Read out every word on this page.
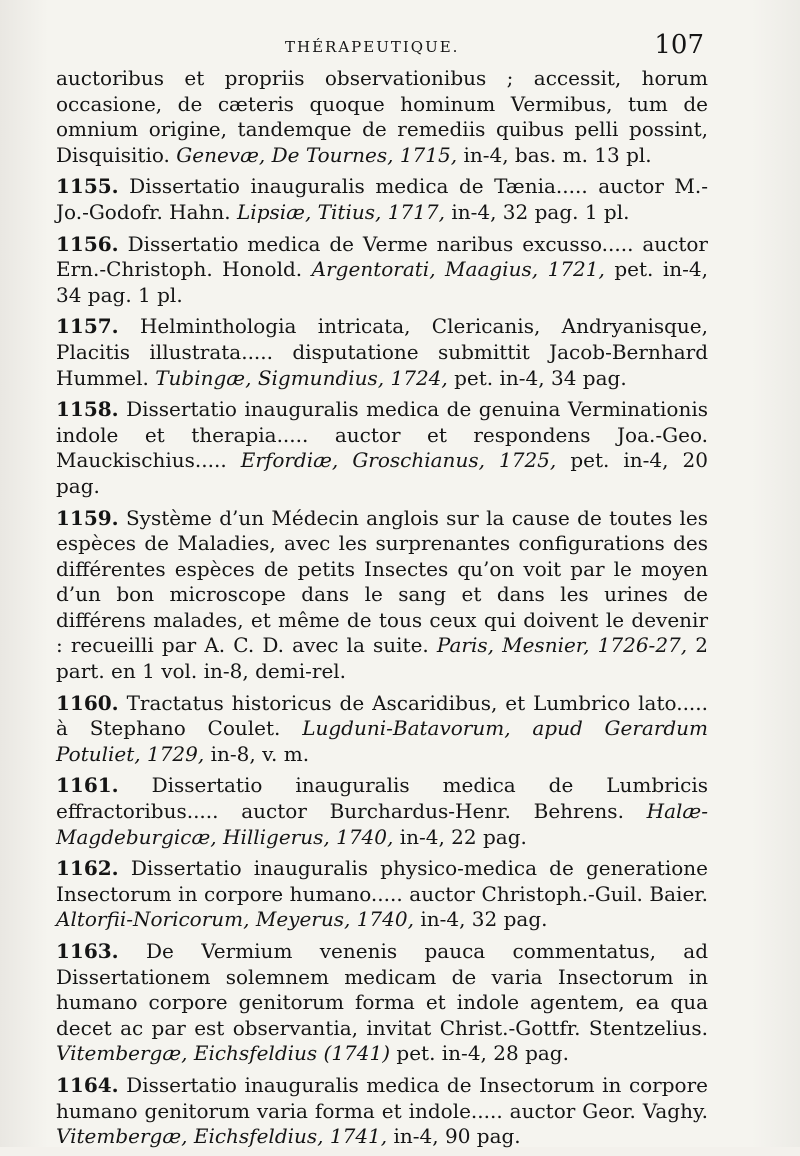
THÉRAPEUTIQUE.	107

auctoribus et propriis observationibus ; accessit, horum occasione, de cæteris quoque hominum Vermibus, tum de omnium origine, tandemque de remediis quibus pelli possint, Disquisitio. Genevæ, De Tournes, 1715, in-4, bas. m. 13 pl.

1155. Dissertatio inauguralis medica de Tænia..... auctor M.-Jo.-Godofr. Hahn. Lipsiæ, Titius, 1717, in-4, 32 pag. 1 pl.

1156. Dissertatio medica de Verme naribus excusso..... auctor Ern.-Christoph. Honold. Argentorati, Maagius, 1721, pet. in-4, 34 pag. 1 pl.

1157. Helminthologia intricata, Clericanis, Andryanisque, Placitis illustrata..... disputatione submittit Jacob-Bernhard Hummel. Tubingæ, Sigmundius, 1724, pet. in-4, 34 pag.

1158. Dissertatio inauguralis medica de genuina Verminationis indole et therapia..... auctor et respondens Joa.-Geo. Mauckischius..... Erfordiæ, Groschianus, 1725, pet. in-4, 20 pag.

1159. Système d’un Médecin anglois sur la cause de toutes les espèces de Maladies, avec les surprenantes configurations des différentes espèces de petits Insectes qu’on voit par le moyen d’un bon microscope dans le sang et dans les urines de différens malades, et même de tous ceux qui doivent le devenir : recueilli par A. C. D. avec la suite. Paris, Mesnier, 1726-27, 2 part. en 1 vol. in-8, demi-rel.

1160. Tractatus historicus de Ascaridibus, et Lumbrico lato..... à Stephano Coulet. Lugduni-Batavorum, apud Gerardum Potuliet, 1729, in-8, v. m.

1161. Dissertatio inauguralis medica de Lumbricis effractoribus..... auctor Burchardus-Henr. Behrens. Halæ-Magdeburgicæ, Hilligerus, 1740, in-4, 22 pag.

1162. Dissertatio inauguralis physico-medica de generatione Insectorum in corpore humano..... auctor Christoph.-Guil. Baier. Altorfii-Noricorum, Meyerus, 1740, in-4, 32 pag.

1163. De Vermium venenis pauca commentatus, ad Dissertationem solemnem medicam de varia Insectorum in humano corpore genitorum forma et indole agentem, ea qua decet ac par est observantia, invitat Christ.-Gottfr. Stentzelius. Vitembergæ, Eichsfeldius (1741) pet. in-4, 28 pag.

1164. Dissertatio inauguralis medica de Insectorum in corpore humano genitorum varia forma et indole..... auctor Geor. Vaghy. Vitembergæ, Eichsfeldius, 1741, in-4, 90 pag.
